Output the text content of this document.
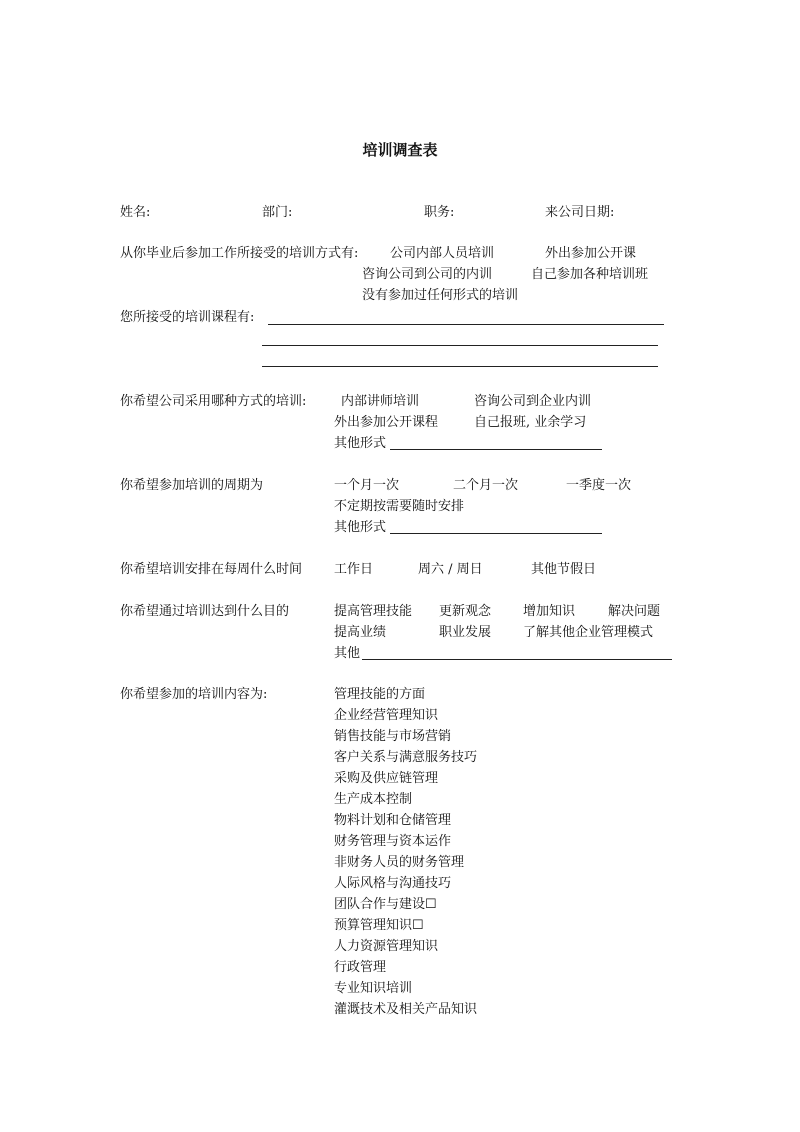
培训调查表
姓名:	部门:	职务:	来公司日期:
从你毕业后参加工作所接受的培训方式有: 公司内部人员培训	外出参加公开课
咨询公司到公司的内训	自己参加各种培训班
没有参加过任何形式的培训
您所接受的培训课程有:
你希望公司采用哪种方式的培训:	内部讲师培训	咨询公司到企业内训
外出参加公开课程	自己报班, 业余学习
其他形式
你希望参加培训的周期为	一个月一次	二个月一次	一季度一次
不定期按需要随时安排
其他形式
你希望培训安排在每周什么时间 工作日	周六 / 周日	其他节假日
你希望通过培训达到什么目的	提高管理技能 更新观念 增加知识	解决问题
提高业绩	职业发展 了解其他企业管理模式
其他
你希望参加的培训内容为:	管理技能的方面
企业经营管理知识
销售技能与市场营销
客户关系与满意服务技巧
采购及供应链管理
生产成本控制
物料计划和仓储管理
财务管理与资本运作
非财务人员的财务管理
人际风格与沟通技巧
团队合作与建设☐
预算管理知识☐
人力资源管理知识
行政管理
专业知识培训
灌溉技术及相关产品知识
